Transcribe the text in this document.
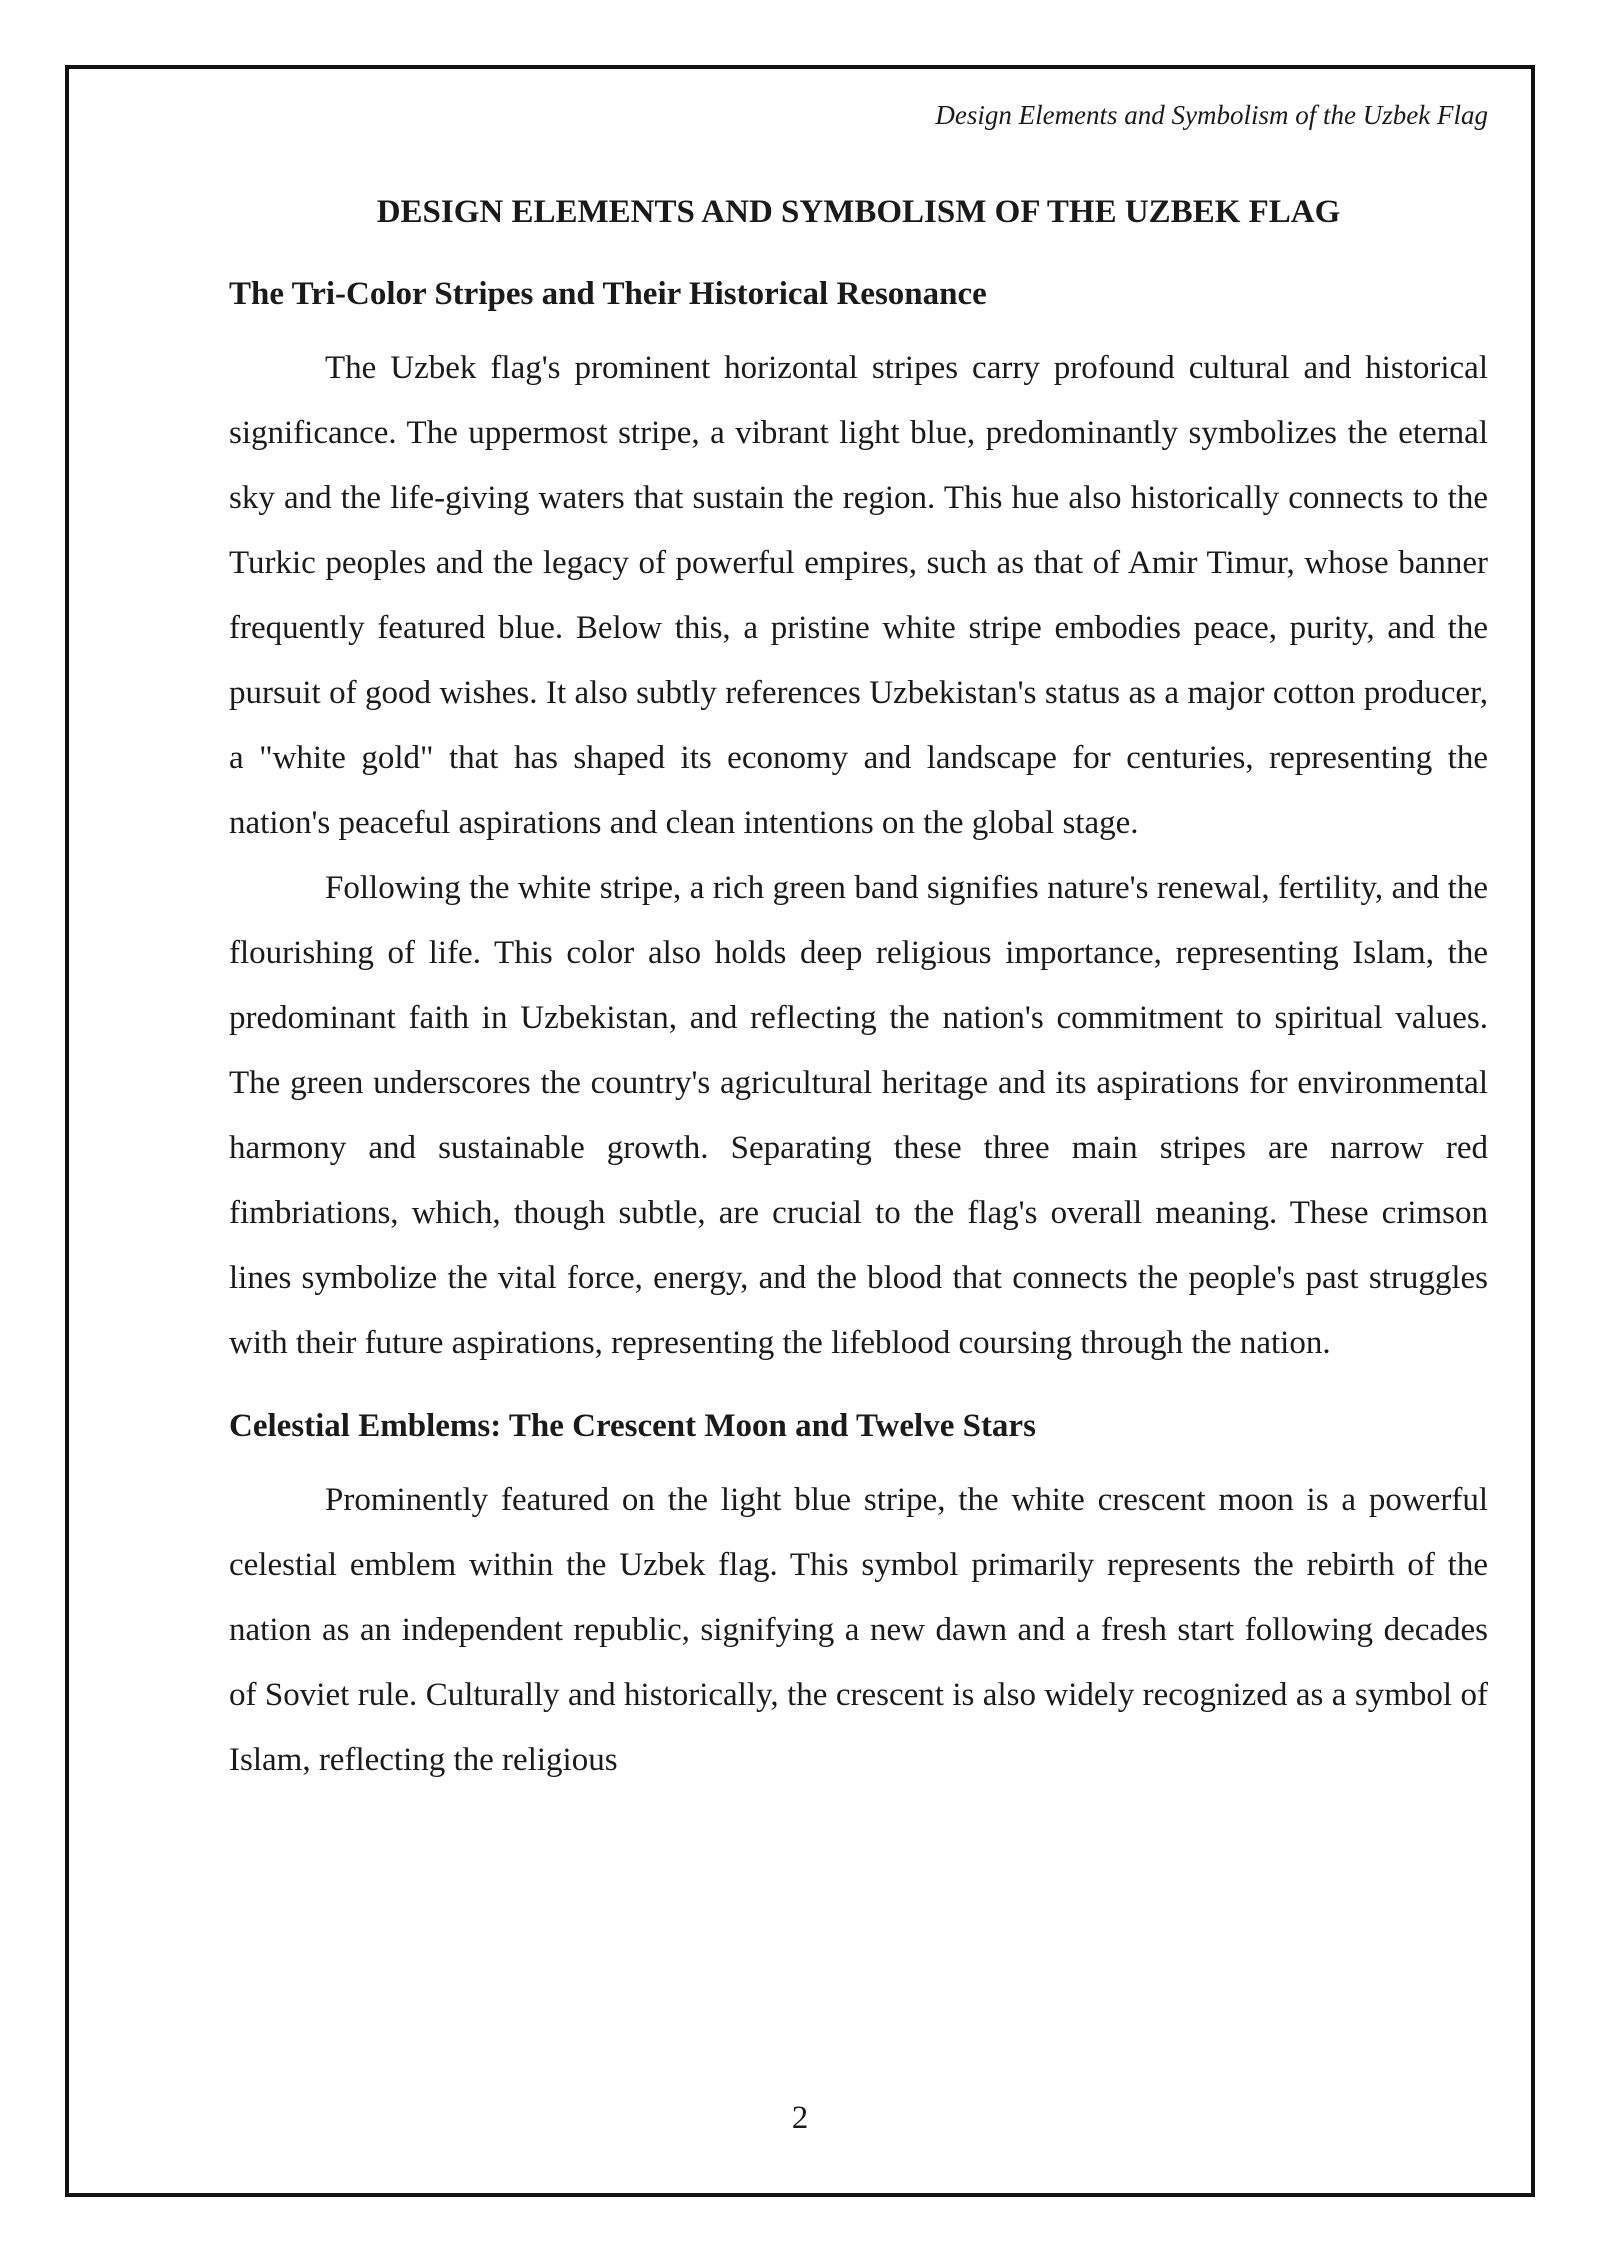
Design Elements and Symbolism of the Uzbek Flag
DESIGN ELEMENTS AND SYMBOLISM OF THE UZBEK FLAG
The Tri-Color Stripes and Their Historical Resonance

The Uzbek flag's prominent horizontal stripes carry profound cultural and historical significance. The uppermost stripe, a vibrant light blue, predominantly symbolizes the eternal sky and the life-giving waters that sustain the region. This hue also historically connects to the Turkic peoples and the legacy of powerful empires, such as that of Amir Timur, whose banner frequently featured blue. Below this, a pristine white stripe embodies peace, purity, and the pursuit of good wishes. It also subtly references Uzbekistan's status as a major cotton producer, a "white gold" that has shaped its economy and landscape for centuries, representing the nation's peaceful aspirations and clean intentions on the global stage.

Following the white stripe, a rich green band signifies nature's renewal, fertility, and the flourishing of life. This color also holds deep religious importance, representing Islam, the predominant faith in Uzbekistan, and reflecting the nation's commitment to spiritual values. The green underscores the country's agricultural heritage and its aspirations for environmental harmony and sustainable growth. Separating these three main stripes are narrow red fimbriations, which, though subtle, are crucial to the flag's overall meaning. These crimson lines symbolize the vital force, energy, and the blood that connects the people's past struggles with their future aspirations, representing the lifeblood coursing through the nation.

Celestial Emblems: The Crescent Moon and Twelve Stars

Prominently featured on the light blue stripe, the white crescent moon is a powerful celestial emblem within the Uzbek flag. This symbol primarily represents the rebirth of the nation as an independent republic, signifying a new dawn and a fresh start following decades of Soviet rule. Culturally and historically, the crescent is also widely recognized as a symbol of Islam, reflecting the religious

2
